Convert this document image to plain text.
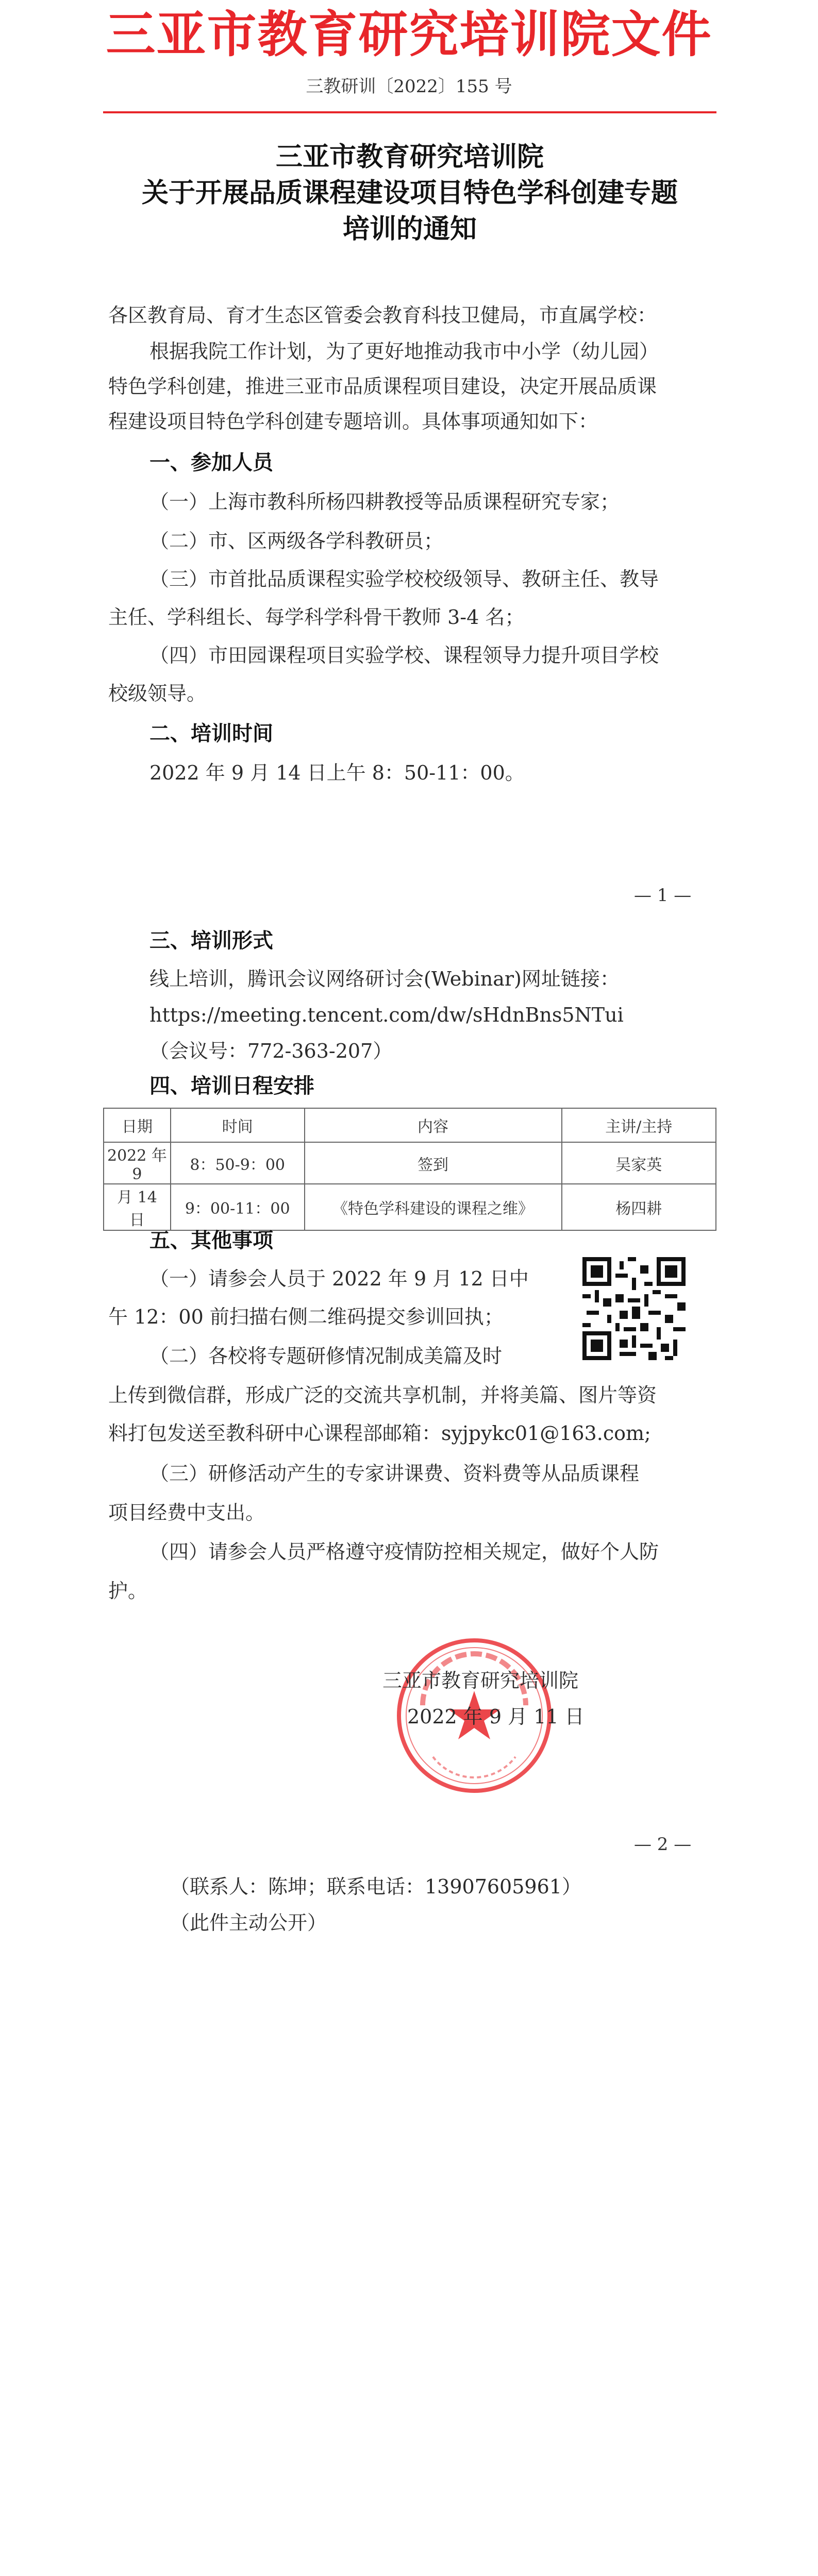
三亚市教育研究培训院文件
三教研训〔2022〕155 号
三亚市教育研究培训院
关于开展品质课程建设项目特色学科创建专题
培训的通知
各区教育局、育才生态区管委会教育科技卫健局，市直属学校：
根据我院工作计划，为了更好地推动我市中小学（幼儿园）
特色学科创建，推进三亚市品质课程项目建设，决定开展品质课
程建设项目特色学科创建专题培训。具体事项通知如下：
一、参加人员
（一）上海市教科所杨四耕教授等品质课程研究专家；
（二）市、区两级各学科教研员；
（三）市首批品质课程实验学校校级领导、教研主任、教导
主任、学科组长、每学科学科骨干教师 3-4 名；
（四）市田园课程项目实验学校、课程领导力提升项目学校
校级领导。
二、培训时间
2022 年 9 月 14 日上午 8：50-11：00。
— 1 —
三、培训形式
线上培训，腾讯会议网络研讨会(Webinar)网址链接：
https://meeting.tencent.com/dw/sHdnBns5NTui
（会议号：772-363-207）
四、培训日程安排
日期	时间	内容	主讲/主持
2022 年 9	8：50-9：00	签到	吴家英
月 14 日	9：00-11：00	《特色学科建设的课程之维》	杨四耕
五、其他事项
（一）请参会人员于 2022 年 9 月 12 日中
午 12：00 前扫描右侧二维码提交参训回执；
（二）各校将专题研修情况制成美篇及时
上传到微信群，形成广泛的交流共享机制，并将美篇、图片等资
料打包发送至教科研中心课程部邮箱：syjpykc01@163.com;
（三）研修活动产生的专家讲课费、资料费等从品质课程
项目经费中支出。
（四）请参会人员严格遵守疫情防控相关规定，做好个人防
护。
三亚市教育研究培训院
2022 年 9 月 11 日
— 2 —
（联系人：陈坤；联系电话：13907605961）
（此件主动公开）
